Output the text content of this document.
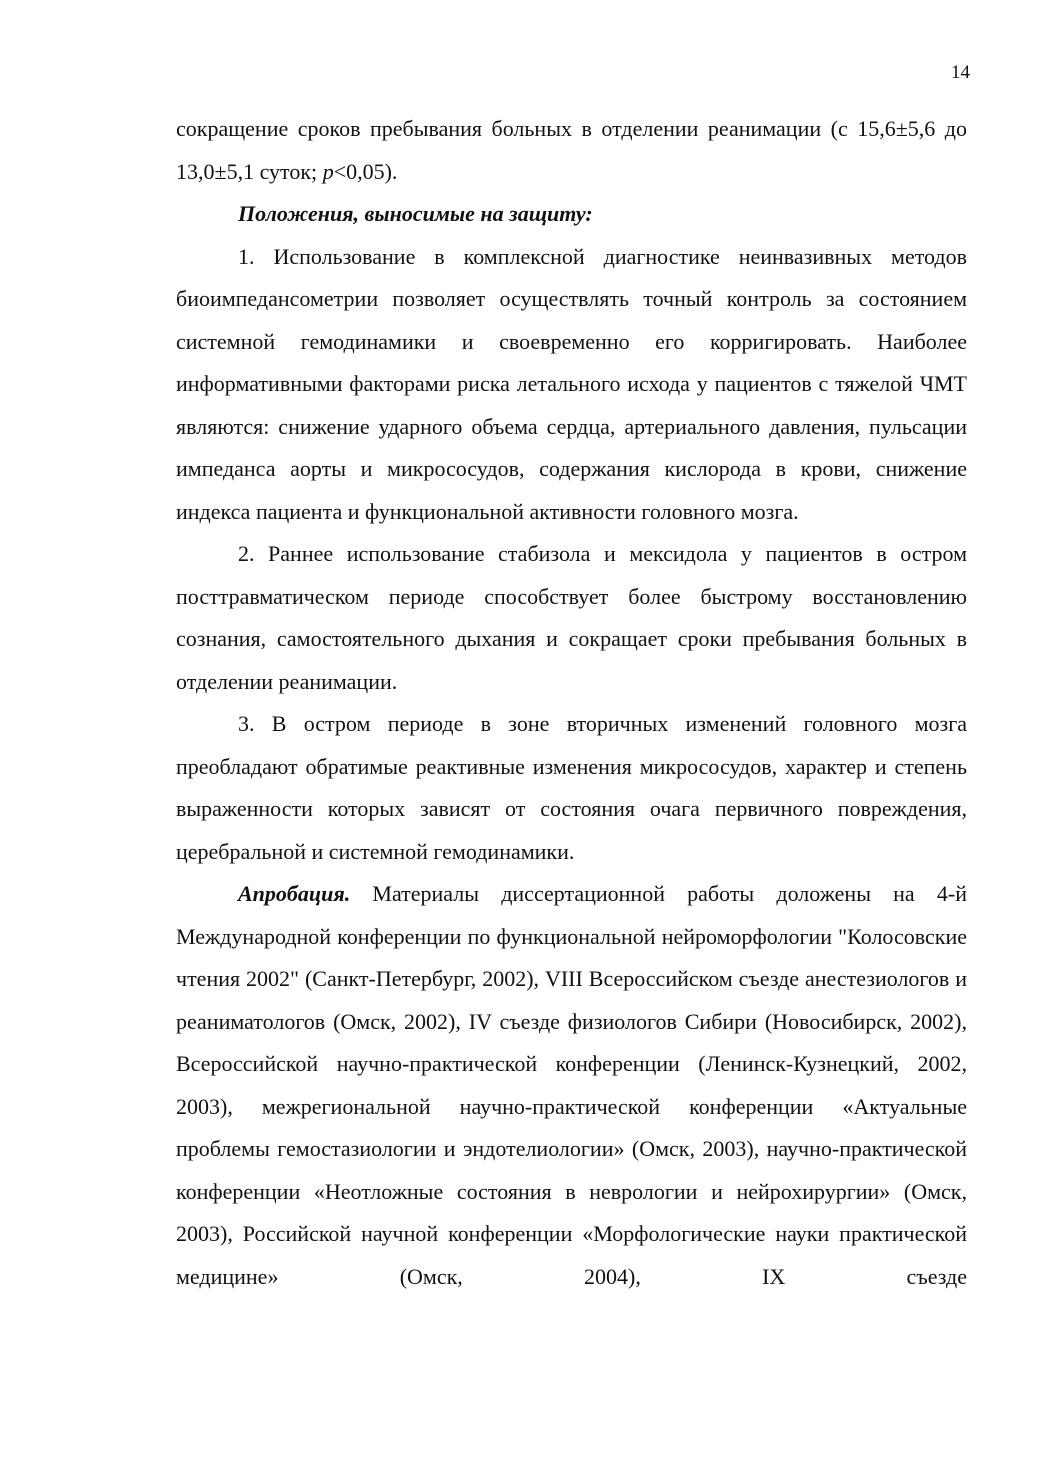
14

сокращение сроков пребывания больных в отделении реанимации (с 15,6±5,6 до 13,0±5,1 суток; p<0,05).

Положения, выносимые на защиту:

1. Использование в комплексной диагностике неинвазивных методов биоимпедансометрии позволяет осуществлять точный контроль за состоянием системной гемодинамики и своевременно его корригировать. Наиболее информативными факторами риска летального исхода у пациентов с тяжелой ЧМТ являются: снижение ударного объема сердца, артериального давления, пульсации импеданса аорты и микрососудов, содержания кислорода в крови, снижение индекса пациента и функциональной активности головного мозга.

2. Раннее использование стабизола и мексидола у пациентов в остром посттравматическом периоде способствует более быстрому восстановлению сознания, самостоятельного дыхания и сокращает сроки пребывания больных в отделении реанимации.

3. В остром периоде в зоне вторичных изменений головного мозга преобладают обратимые реактивные изменения микрососудов, характер и степень выраженности которых зависят от состояния очага первичного повреждения, церебральной и системной гемодинамики.

Апробация. Материалы диссертационной работы доложены на 4-й Международной конференции по функциональной нейроморфологии "Колосовские чтения 2002" (Санкт-Петербург, 2002), VIII Всероссийском съезде анестезиологов и реаниматологов (Омск, 2002), IV съезде физиологов Сибири (Новосибирск, 2002), Всероссийской научно-практической конференции (Ленинск-Кузнецкий, 2002, 2003), межрегиональной научно-практической конференции «Актуальные проблемы гемостазиологии и эндотелиологии» (Омск, 2003), научно-практической конференции «Неотложные состояния в неврологии и нейрохирургии» (Омск, 2003), Российской научной конференции «Морфологические науки практической медицине» (Омск, 2004), IX съезде
